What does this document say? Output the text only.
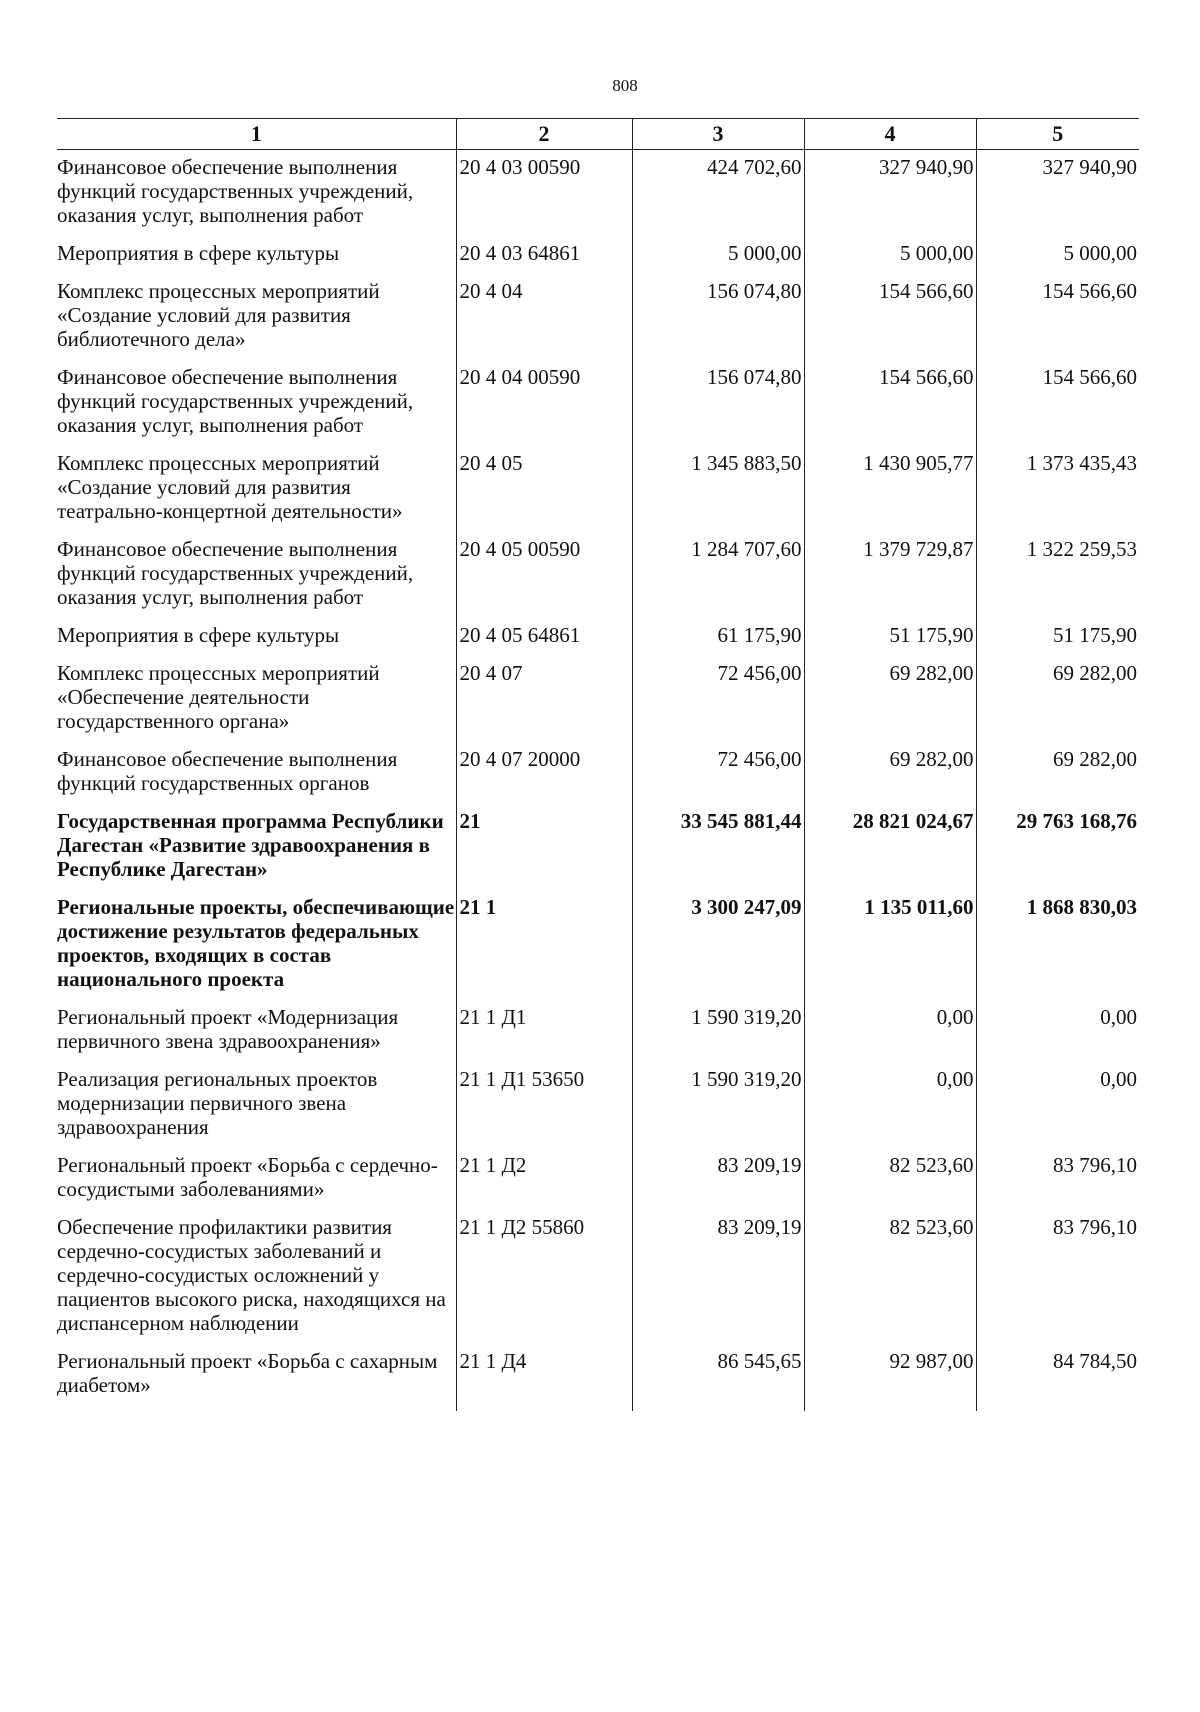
808
1	2	3	4	5
Финансовое обеспечение выполнения функций государственных учреждений, оказания услуг, выполнения работ	20 4 03 00590	424 702,60	327 940,90	327 940,90
Мероприятия в сфере культуры	20 4 03 64861	5 000,00	5 000,00	5 000,00
Комплекс процессных мероприятий «Создание условий для развития библиотечного дела»	20 4 04	156 074,80	154 566,60	154 566,60
Финансовое обеспечение выполнения функций государственных учреждений, оказания услуг, выполнения работ	20 4 04 00590	156 074,80	154 566,60	154 566,60
Комплекс процессных мероприятий «Создание условий для развития театрально-концертной деятельности»	20 4 05	1 345 883,50	1 430 905,77	1 373 435,43
Финансовое обеспечение выполнения функций государственных учреждений, оказания услуг, выполнения работ	20 4 05 00590	1 284 707,60	1 379 729,87	1 322 259,53
Мероприятия в сфере культуры	20 4 05 64861	61 175,90	51 175,90	51 175,90
Комплекс процессных мероприятий «Обеспечение деятельности государственного органа»	20 4 07	72 456,00	69 282,00	69 282,00
Финансовое обеспечение выполнения функций государственных органов	20 4 07 20000	72 456,00	69 282,00	69 282,00
Государственная программа Республики Дагестан «Развитие здравоохранения в Республике Дагестан»	21	33 545 881,44	28 821 024,67	29 763 168,76
Региональные проекты, обеспечивающие достижение результатов федеральных проектов, входящих в состав национального проекта	21 1	3 300 247,09	1 135 011,60	1 868 830,03
Региональный проект «Модернизация первичного звена здравоохранения»	21 1 Д1	1 590 319,20	0,00	0,00
Реализация региональных проектов модернизации первичного звена здравоохранения	21 1 Д1 53650	1 590 319,20	0,00	0,00
Региональный проект «Борьба с сердечно-сосудистыми заболеваниями»	21 1 Д2	83 209,19	82 523,60	83 796,10
Обеспечение профилактики развития сердечно-сосудистых заболеваний и сердечно-сосудистых осложнений у пациентов высокого риска, находящихся на диспансерном наблюдении	21 1 Д2 55860	83 209,19	82 523,60	83 796,10
Региональный проект «Борьба с сахарным диабетом»	21 1 Д4	86 545,65	92 987,00	84 784,50
